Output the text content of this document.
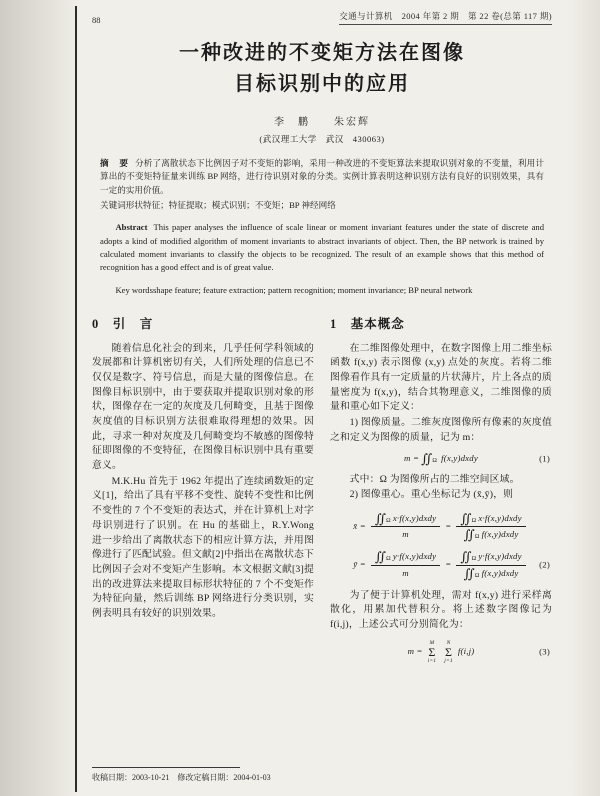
88	交通与计算机　2004 年第 2 期　第 22 卷(总第 117 期)
一种改进的不变矩方法在图像
目标识别中的应用
李　鹏　　朱宏辉
(武汉理工大学　武汉　430063)

摘　要 分析了离散状态下比例因子对不变矩的影响，采用一种改进的不变矩算法来提取识别对象的不变量，利用计算出的不变矩特征量来训练 BP 网络，进行待识别对象的分类。实例计算表明这种识别方法有良好的识别效果，具有一定的实用价值。

关键词形状特征；特征提取；模式识别；不变矩；BP 神经网络

Abstract This paper analyses the influence of scale linear or moment invariant features under the state of discrete and adopts a kind of modified algorithm of moment invariants to abstract invariants of object. Then, the BP network is trained by calculated moment invariants to classify the objects to be recognized. The result of an example shows that this method of recognition has a good effect and is of great value.

Key wordsshape feature; feature extraction; pattern recognition; moment invariance; BP neural network

0　引　言

随着信息化社会的到来，几乎任何学科领域的发展都和计算机密切有关，人们所处理的信息已不仅仅是数字、符号信息，而是大量的图像信息。在图像目标识别中，由于要获取并提取识别对象的形状，图像存在一定的灰度及几何畸变，且基于图像灰度值的目标识别方法很难取得理想的效果。因此，寻求一种对灰度及几何畸变均不敏感的图像特征即图像的不变特征，在图像目标识别中具有重要意义。

M.K.Hu 首先于 1962 年提出了连续函数矩的定义[1]，给出了具有平移不变性、旋转不变性和比例不变性的 7 个不变矩的表达式，并在计算机上对字母识别进行了识别。在 Hu 的基础上，R.Y.Wong 进一步给出了离散状态下的相应计算方法，并用图像进行了匹配试验。但文献[2]中指出在离散状态下比例因子会对不变矩产生影响。本文根据文献[3]提出的改进算法来提取目标形状特征的 7 个不变矩作为特征向量，然后训练 BP 网络进行分类识别，实例表明具有较好的识别效果。

1　基本概念

在二维图像处理中，在数字图像上用二维坐标函数 f(x,y) 表示图像 (x,y) 点处的灰度。若将二维图像看作具有一定质量的片状薄片，片上各点的质量密度为 f(x,y)，结合其物理意义，二维图像的质量和重心如下定义：

1) 图像质量。二维灰度图像所有像素的灰度值之和定义为图像的质量，记为 m：

m = ∬ Ω f(x,y)dxdy	(1)

式中：Ω 为图像所占的二维空间区域。

2) 图像重心。重心坐标记为 (x̄,ȳ)，则

x̄ = $\frac{\text{∬ Ω x·f(x,y)dxdy}}{m} = \frac{\text{∬ Ω x·f(x,y)dxdy}}{\text{∬ Ω f(x,y)dxdy}}$
ȳ = $\frac{\text{∬ Ω y·f(x,y)dxdy}}{m} = \frac{\text{∬ Ω y·f(x,y)dxdy}}{\text{∬ Ω f(x,y)dxdy}} (2)$

为了便于计算机处理，需对 f(x,y) 进行采样离散化，用累加代替积分。将上述数字图像记为 f(i,j)，上述公式可分别简化为：

m =
M
Σ
i=1
N
Σ
j=1
f(i,j)	(3)
收稿日期：2003-10-21　修改定稿日期：2004-01-03
